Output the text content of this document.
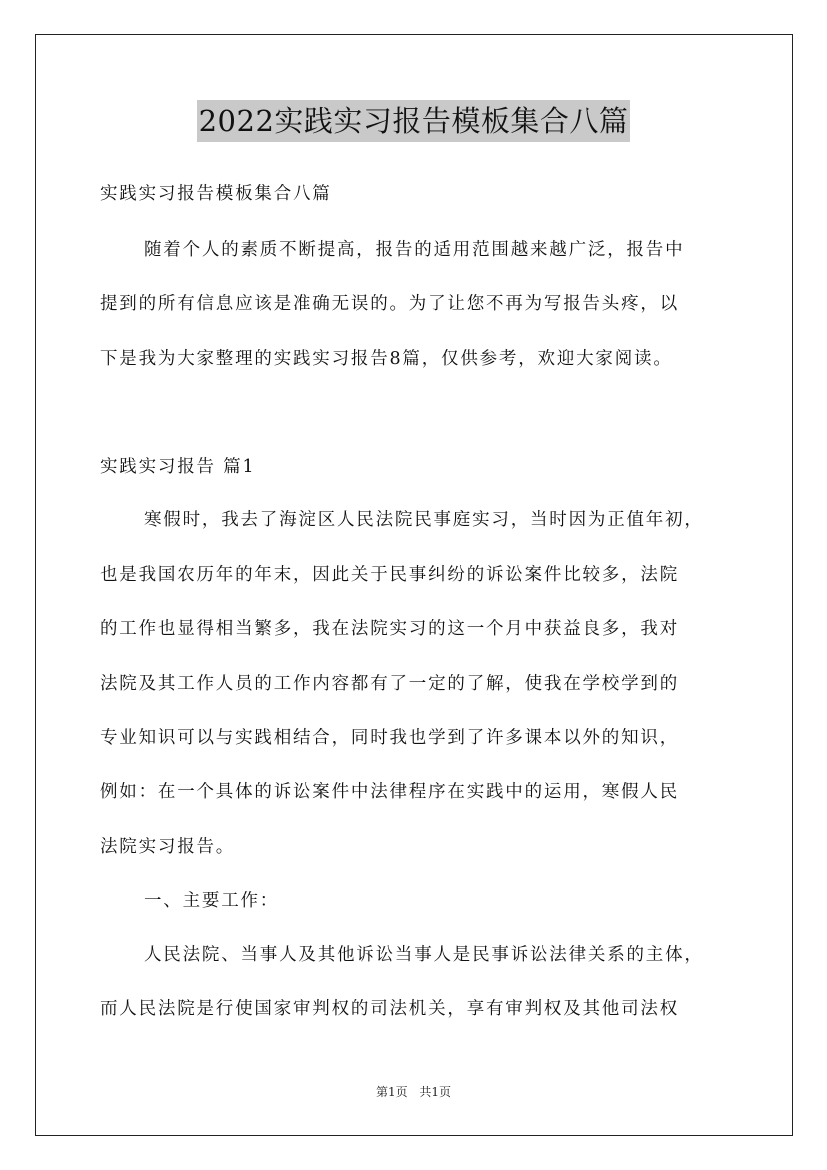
2022实践实习报告模板集合八篇
实践实习报告模板集合八篇
随着个人的素质不断提高，报告的适用范围越来越广泛，报告中
提到的所有信息应该是准确无误的。为了让您不再为写报告头疼，以
下是我为大家整理的实践实习报告8篇，仅供参考，欢迎大家阅读。
实践实习报告 篇1
寒假时，我去了海淀区人民法院民事庭实习，当时因为正值年初，
也是我国农历年的年末，因此关于民事纠纷的诉讼案件比较多，法院
的工作也显得相当繁多，我在法院实习的这一个月中获益良多，我对
法院及其工作人员的工作内容都有了一定的了解，使我在学校学到的
专业知识可以与实践相结合，同时我也学到了许多课本以外的知识，
例如：在一个具体的诉讼案件中法律程序在实践中的运用，寒假人民
法院实习报告。
一、主要工作：
人民法院、当事人及其他诉讼当事人是民事诉讼法律关系的主体，
而人民法院是行使国家审判权的司法机关，享有审判权及其他司法权
第1页 共1页
